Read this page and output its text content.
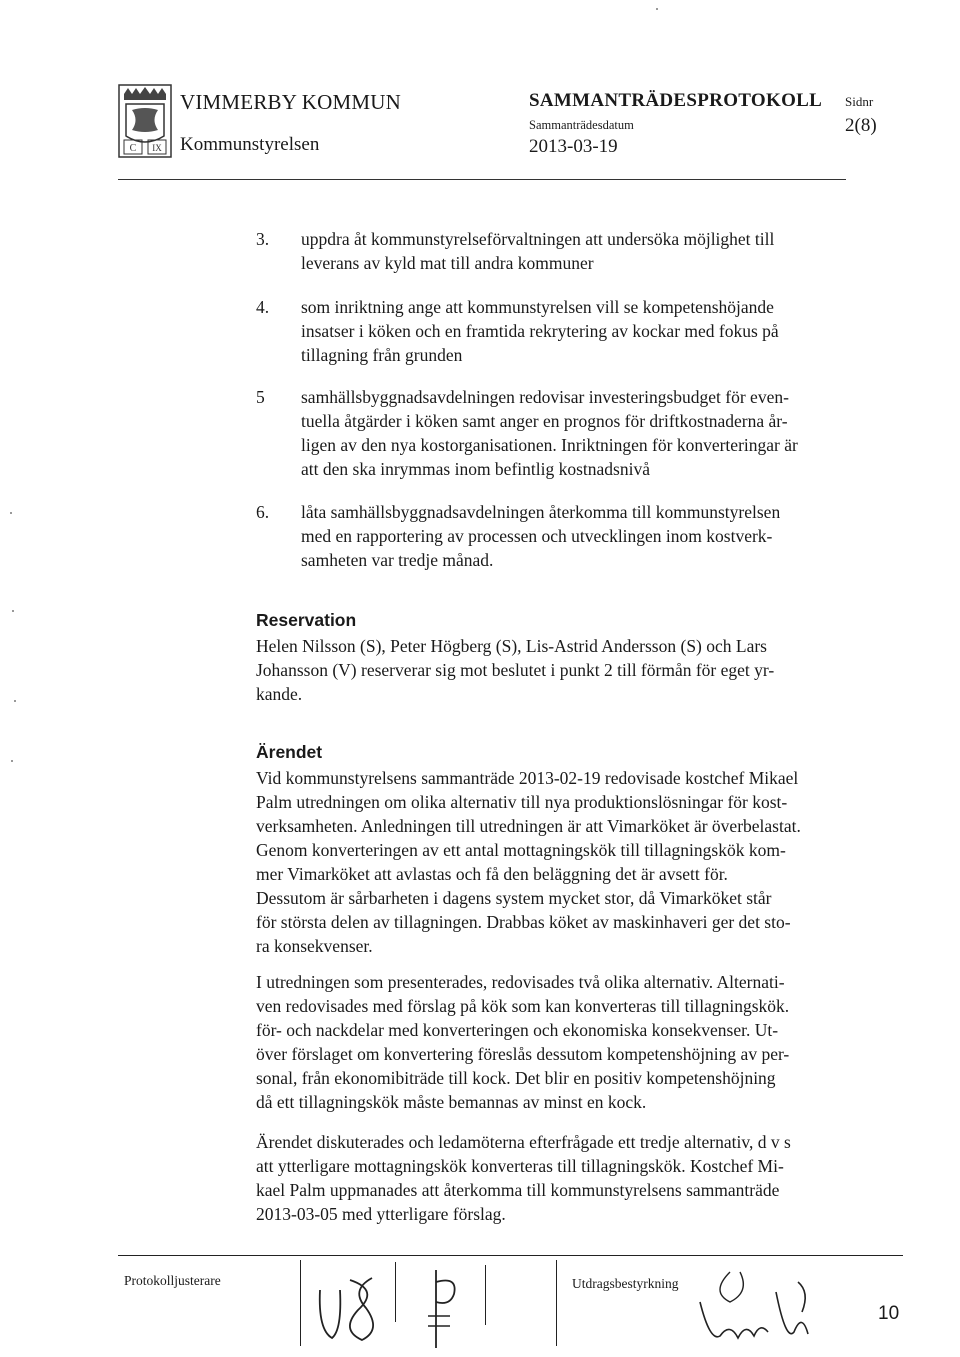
C IX
VIMMERBY KOMMUN
Kommunstyrelsen
SAMMANTRÄDESPROTOKOLL
Sammanträdesdatum
2013-03-19
Sidnr
2(8)
3. uppdra åt kommunstyrelseförvaltningen att undersöka möjlighet till
leverans av kyld mat till andra kommuner
4. som inriktning ange att kommunstyrelsen vill se kompetenshöjande
insatser i köken och en framtida rekrytering av kockar med fokus på
tillagning från grunden
5 samhällsbyggnadsavdelningen redovisar investeringsbudget för even-
tuella åtgärder i köken samt anger en prognos för driftkostnaderna år-
ligen av den nya kostorganisationen. Inriktningen för konverteringar är
att den ska inrymmas inom befintlig kostnadsnivå
6. låta samhällsbyggnadsavdelningen återkomma till kommunstyrelsen
med en rapportering av processen och utvecklingen inom kostverk-
samheten var tredje månad.
Reservation
Helen Nilsson (S), Peter Högberg (S), Lis-Astrid Andersson (S) och Lars
Johansson (V) reserverar sig mot beslutet i punkt 2 till förmån för eget yr-
kande.
Ärendet
Vid kommunstyrelsens sammanträde 2013-02-19 redovisade kostchef Mikael
Palm utredningen om olika alternativ till nya produktionslösningar för kost-
verksamheten. Anledningen till utredningen är att Vimarköket är överbelastat.
Genom konverteringen av ett antal mottagningskök till tillagningskök kom-
mer Vimarköket att avlastas och få den beläggning det är avsett för.
Dessutom är sårbarheten i dagens system mycket stor, då Vimarköket står
för största delen av tillagningen. Drabbas köket av maskinhaveri ger det sto-
ra konsekvenser.
I utredningen som presenterades, redovisades två olika alternativ. Alternati-
ven redovisades med förslag på kök som kan konverteras till tillagningskök.
för- och nackdelar med konverteringen och ekonomiska konsekvenser. Ut-
över förslaget om konvertering föreslås dessutom kompetenshöjning av per-
sonal, från ekonomibiträde till kock. Det blir en positiv kompetenshöjning
då ett tillagningskök måste bemannas av minst en kock.
Ärendet diskuterades och ledamöterna efterfrågade ett tredje alternativ, d v s
att ytterligare mottagningskök konverteras till tillagningskök. Kostchef Mi-
kael Palm uppmanades att återkomma till kommunstyrelsens sammanträde
2013-03-05 med ytterligare förslag.
Protokolljusterare	Utdragsbestyrkning
10
